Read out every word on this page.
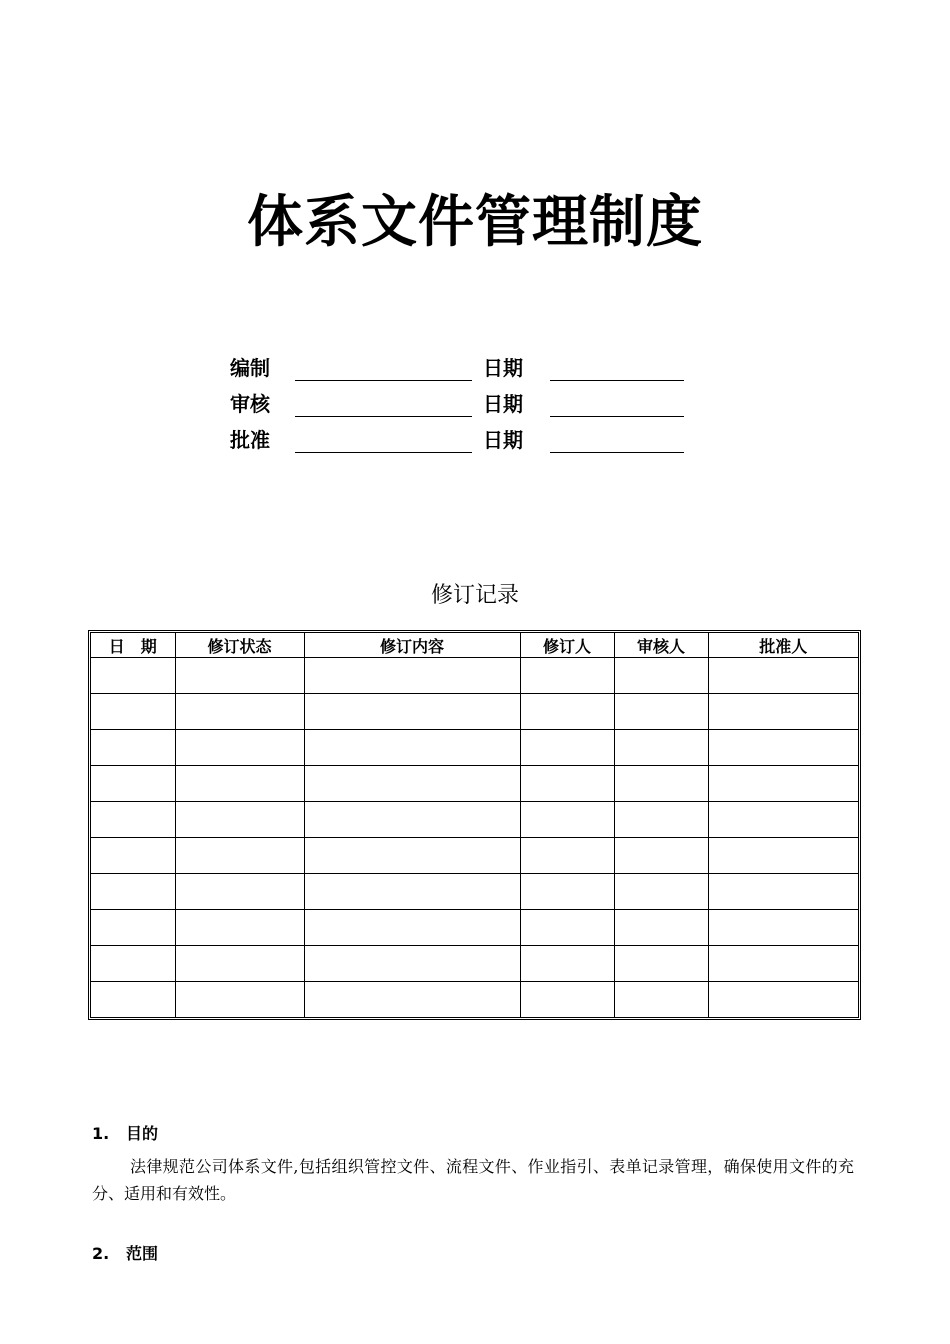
体系文件管理制度
编制	日期
审核	日期
批准	日期
修订记录
日　期	修订状态	修订内容	修订人	审核人	批准人

1. 目的
法律规范公司体系文件,包括组织管控文件、流程文件、作业指引、表单记录管理，确保使用文件的充分、适用和有效性。
2. 范围
